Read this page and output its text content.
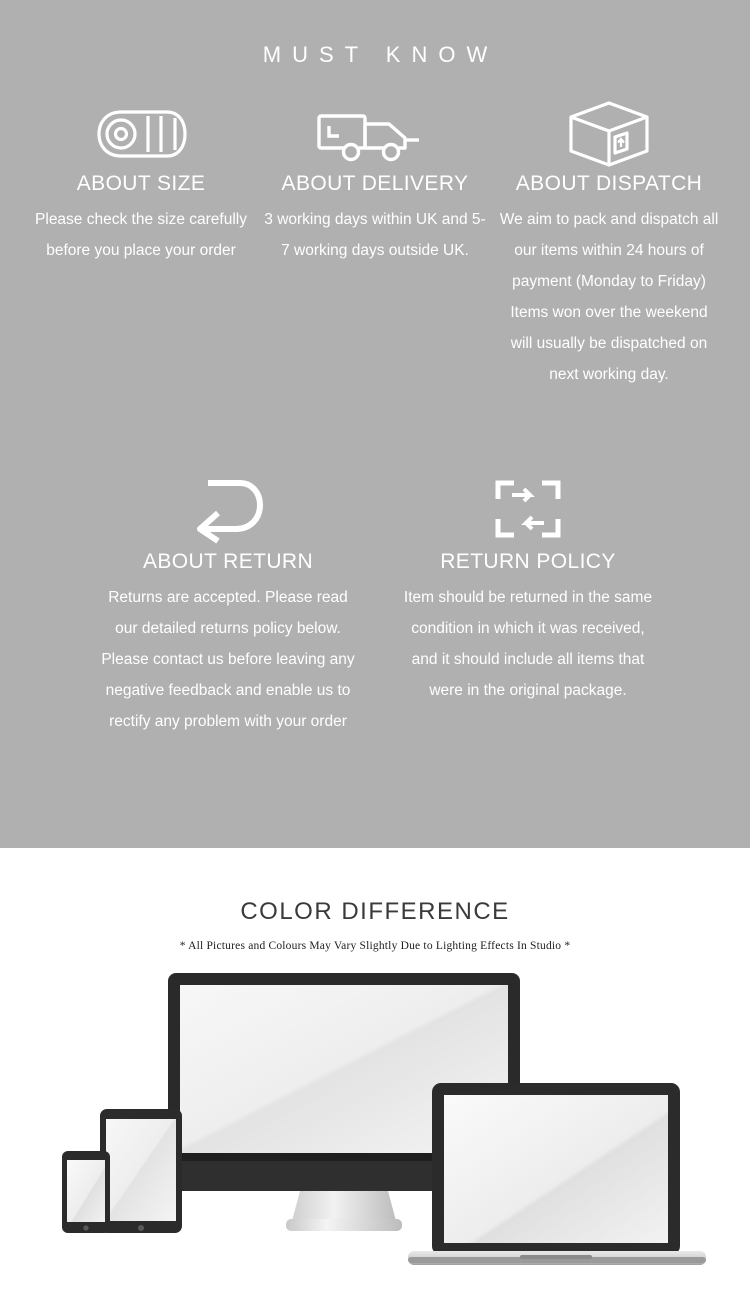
MUST KNOW
ABOUT SIZE
Please check the size carefully before you place your order
ABOUT DELIVERY
3 working days within UK and 5-7 working days outside UK.
ABOUT DISPATCH
We aim to pack and dispatch all our items within 24 hours of payment (Monday to Friday) Items won over the weekend will usually be dispatched on next working day.
ABOUT RETURN
Returns are accepted. Please read our detailed returns policy below. Please contact us before leaving any negative feedback and enable us to rectify any problem with your order
RETURN POLICY
Item should be returned in the same condition in which it was received, and it should include all items that were in the original package.
COLOR DIFFERENCE
* All Pictures and Colours May Vary Slightly Due to Lighting Effects In Studio *
